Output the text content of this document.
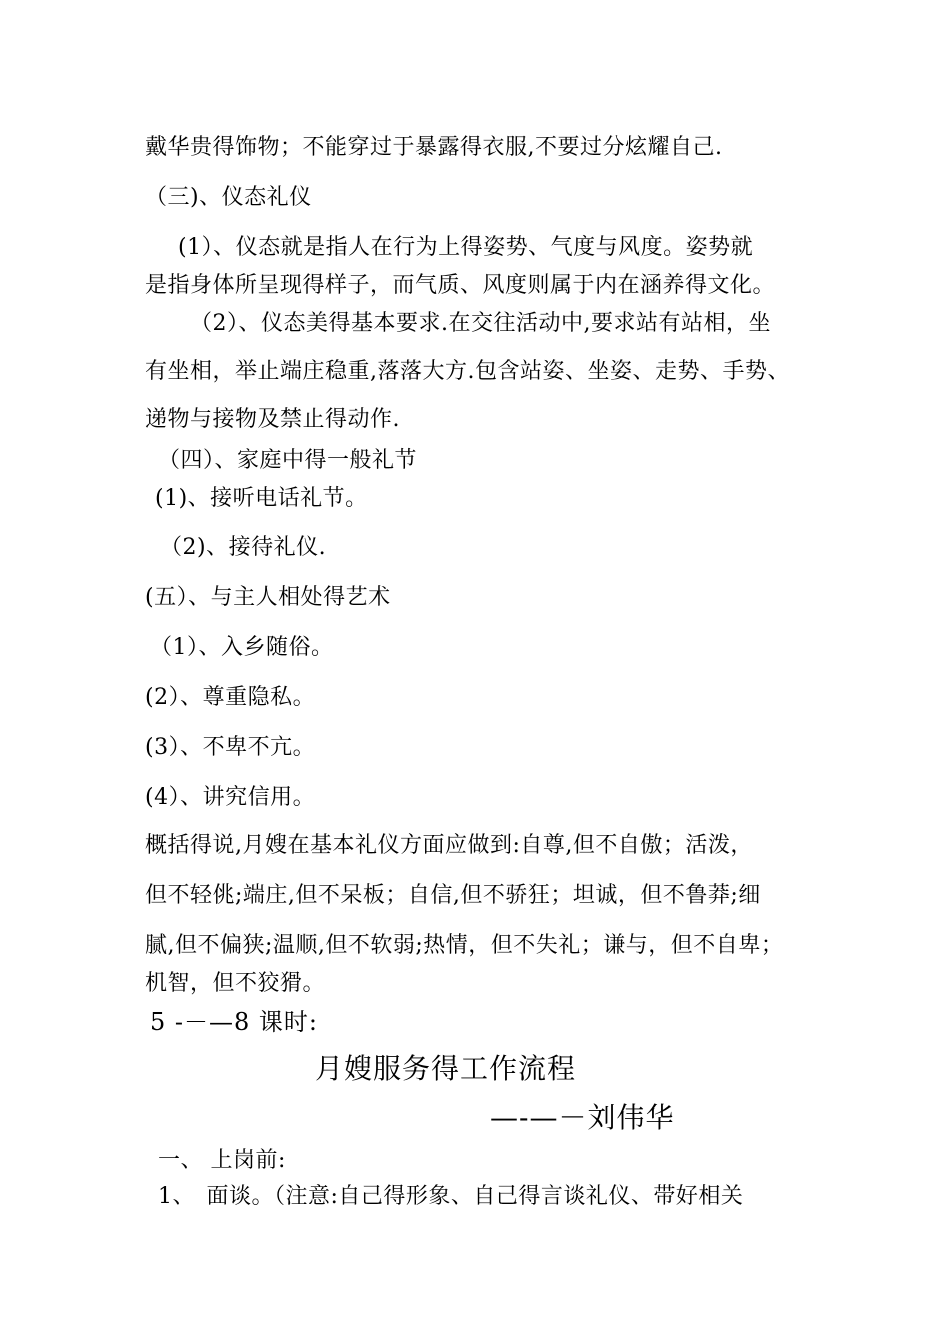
戴华贵得饰物；不能穿过于暴露得衣服,不要过分炫耀自己.
（三)、仪态礼仪
(1）、仪态就是指人在行为上得姿势、气度与风度。姿势就
是指身体所呈现得样子，而气质、风度则属于内在涵养得文化。
（2）、仪态美得基本要求.在交往活动中,要求站有站相，坐
有坐相，举止端庄稳重,落落大方.包含站姿、坐姿、走势、手势、
递物与接物及禁止得动作.
（四）、家庭中得一般礼节
(1)、接听电话礼节。
（2)、接待礼仪.
(五）、与主人相处得艺术
（1）、入乡随俗。
(2）、尊重隐私。
(3）、不卑不亢。
(4）、讲究信用。
概括得说,月嫂在基本礼仪方面应做到:自尊,但不自傲；活泼，
但不轻佻;端庄,但不呆板；自信,但不骄狂；坦诚，但不鲁莽;细
腻,但不偏狭;温顺,但不软弱;热情，但不失礼；谦与，但不自卑；
机智，但不狡猾。
5 -－—8 课时:
月嫂服务得工作流程
—-—－刘伟华
一、 上岗前:
1、　面谈。（注意:自己得形象、自己得言谈礼仪、带好相关
